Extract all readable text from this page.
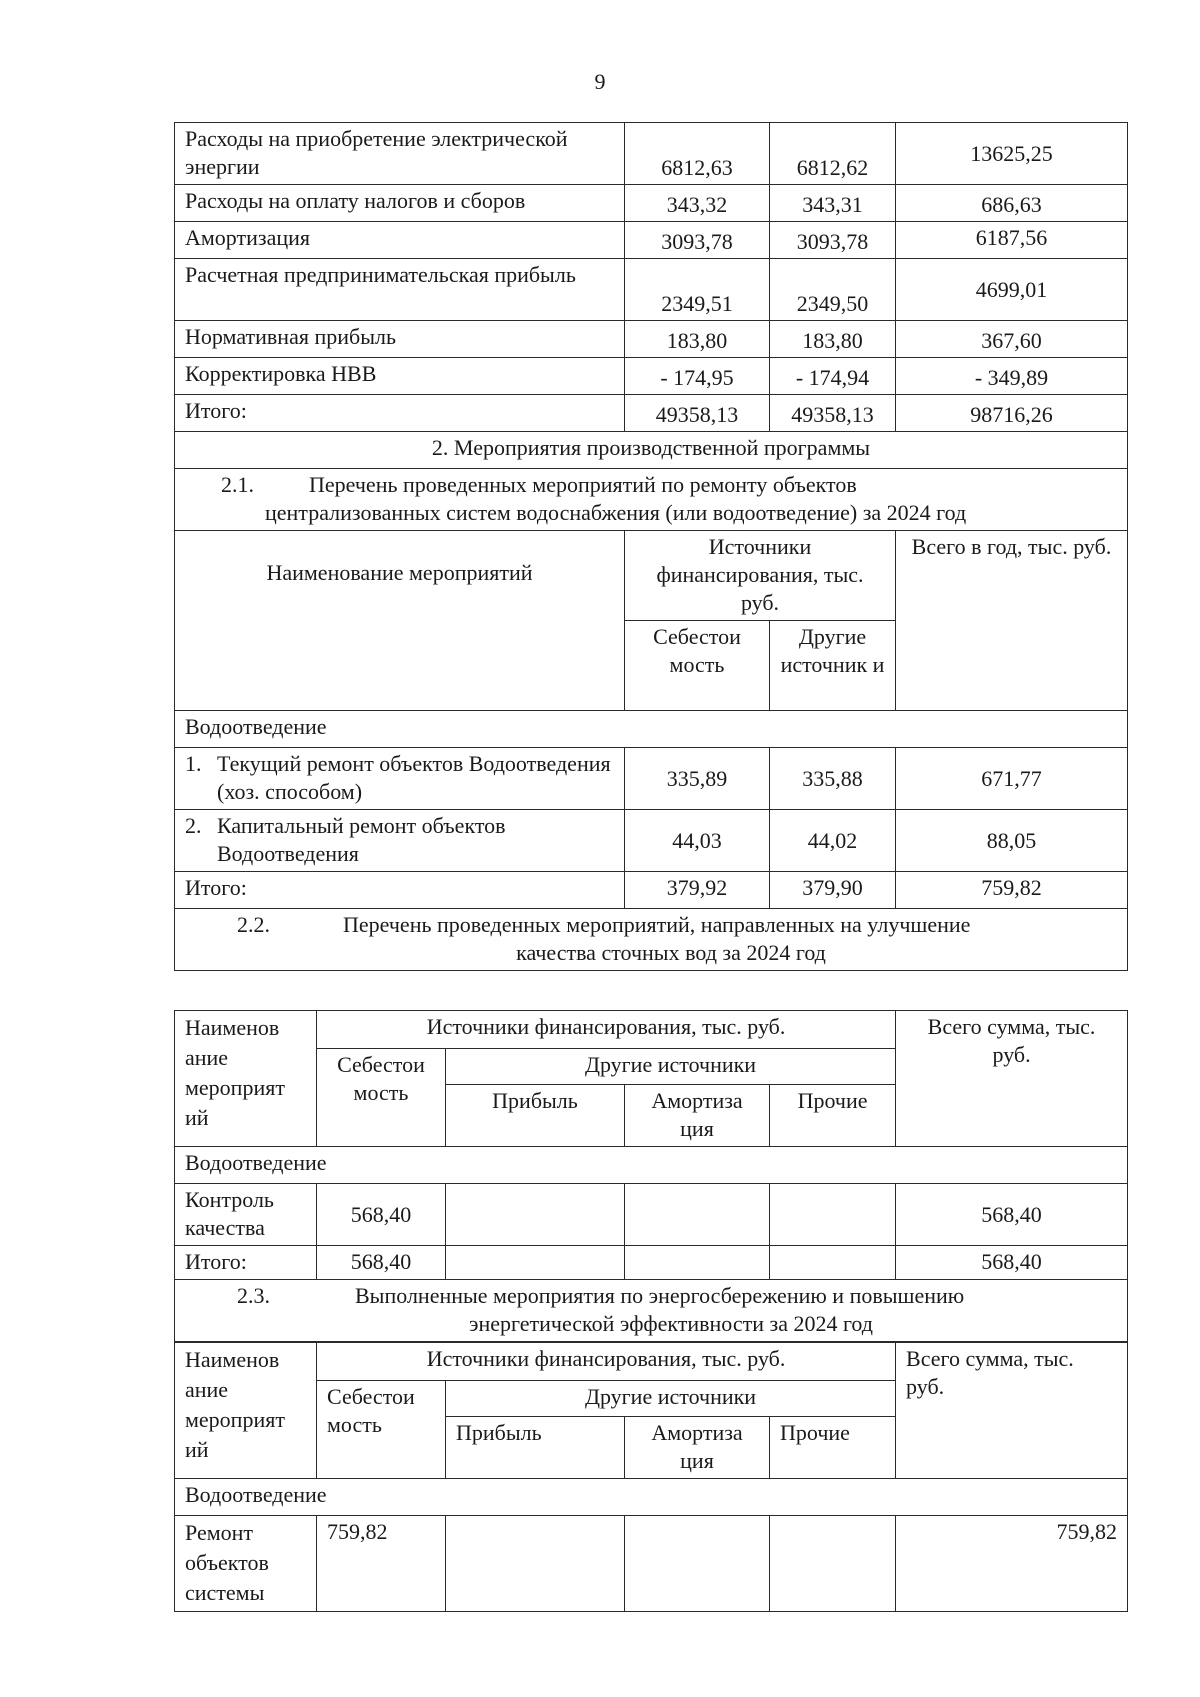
9
Расходы на приобретение электрической энергии	6812,63	6812,62	13625,25
Расходы на оплату налогов и сборов	343,32	343,31	686,63
Амортизация	3093,78	3093,78	6187,56
Расчетная предпринимательская прибыль	2349,51	2349,50	4699,01
Нормативная прибыль	183,80	183,80	367,60
Корректировка НВВ	- 174,95	- 174,94	- 349,89
Итого:	49358,13	49358,13	98716,26
2. Мероприятия производственной программы			

2.1. Перечень проведенных мероприятий по ремонту объектов
централизованных систем водоснабжения (или водоотведение) за 2024 год			

Наименование мероприятий	Источники финансирования, тыс. руб.		Всего в год, тыс. руб.
	Себестои мость	Другие источник и	
Водоотведение			

1. Текущий ремонт объектов Водоотведения (хоз. способом)	335,89	335,88	671,77

2. Капитальный ремонт объектов Водоотведения	44,03	44,02	88,05
Итого:	379,92	379,90	759,82

2.2. Перечень проведенных мероприятий, направленных на улучшение
качества сточных вод за 2024 год			
Наименов ание мероприят ий	Источники финансирования, тыс. руб.				Всего сумма, тыс. руб.
	Себестои мость	Другие источники			
		Прибыль	Амортиза ция	Прочие	
Водоотведение					
Контроль качества	568,40				568,40
Итого:	568,40				568,40

2.3. Выполненные мероприятия по энергосбережению и повышению
энергетической эффективности за 2024 год					
Наименов ание мероприят ий	Источники финансирования, тыс. руб.				Всего сумма, тыс. руб.
	Себестои мость	Другие источники			
		Прибыль	Амортиза ция	Прочие	
Водоотведение					
Ремонт объектов системы	759,82				759,82
